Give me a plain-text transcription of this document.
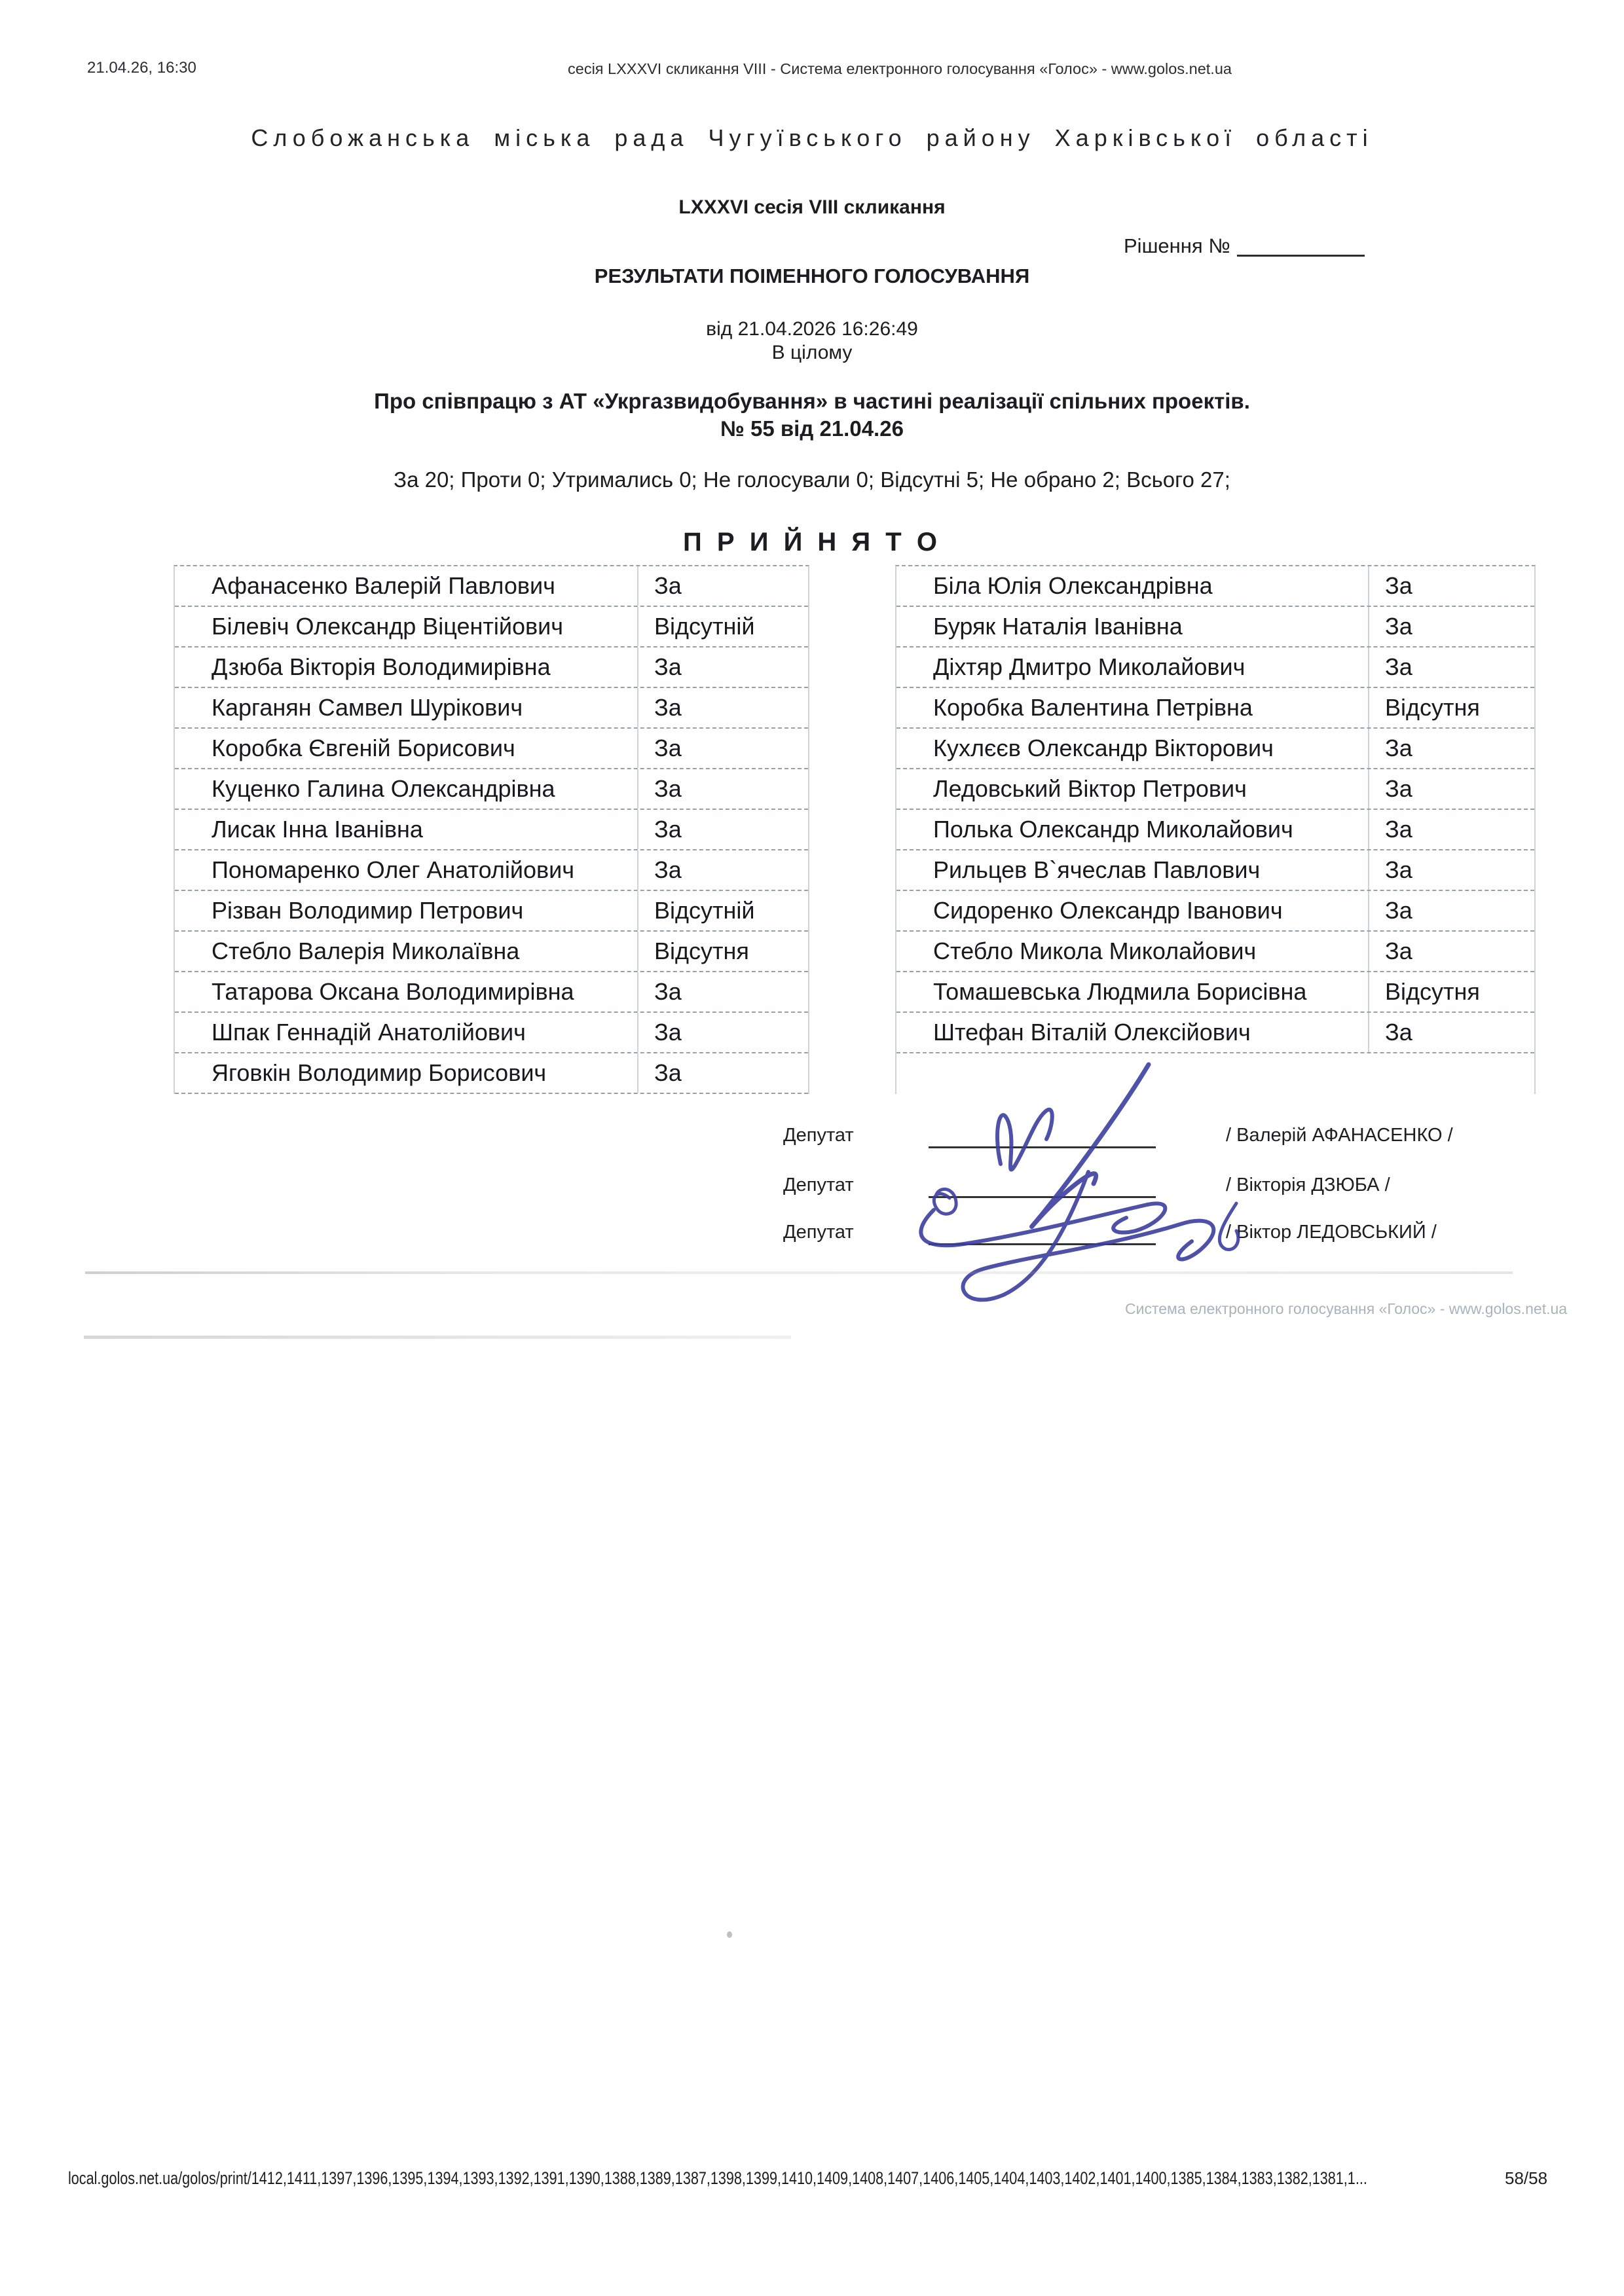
21.04.26, 16:30	сесія LXXXVI скликання VIII - Система електронного голосування «Голос» - www.golos.net.ua
Слобожанська міська рада Чугуївського району Харківської області
LXXXVI сесія VIII скликання
Рішення №
РЕЗУЛЬТАТИ ПОІМЕННОГО ГОЛОСУВАННЯ
від 21.04.2026 16:26:49
В цілому
Про співпрацю з АТ «Укргазвидобування» в частині реалізації спільних проектів.
№ 55 від 21.04.26
За 20; Проти 0; Утримались 0; Не голосували 0; Відсутні 5; Не обрано 2; Всього 27;
П Р И Й Н Я Т О
Афанасенко Валерій Павлович	За
Білевіч Олександр Віцентійович	Відсутній
Дзюба Вікторія Володимирівна	За
Карганян Самвел Шурікович	За
Коробка Євгеній Борисович	За
Куценко Галина Олександрівна	За
Лисак Інна Іванівна	За
Пономаренко Олег Анатолійович	За
Різван Володимир Петрович	Відсутній
Стебло Валерія Миколаївна	Відсутня
Татарова Оксана Володимирівна	За
Шпак Геннадій Анатолійович	За
Яговкін Володимир Борисович	За
Біла Юлія Олександрівна	За
Буряк Наталія Іванівна	За
Діхтяр Дмитро Миколайович	За
Коробка Валентина Петрівна	Відсутня
Кухлєєв Олександр Вікторович	За
Ледовський Віктор Петрович	За
Полька Олександр Миколайович	За
Рильцев В`ячеслав Павлович	За
Сидоренко Олександр Іванович	За
Стебло Микола Миколайович	За
Томашевська Людмила Борисівна	Відсутня
Штефан Віталій Олексійович	За
Депутат	/ Валерій АФАНАСЕНКО /
Депутат	/ Вікторія ДЗЮБА /
Депутат	/ Віктор ЛЕДОВСЬКИЙ /
Система електронного голосування «Голос» - www.golos.net.ua
local.golos.net.ua/golos/print/1412,1411,1397,1396,1395,1394,1393,1392,1391,1390,1388,1389,1387,1398,1399,1410,1409,1408,1407,1406,1405,1404,1403,1402,1401,1400,1385,1384,1383,1382,1381,1...	58/58
